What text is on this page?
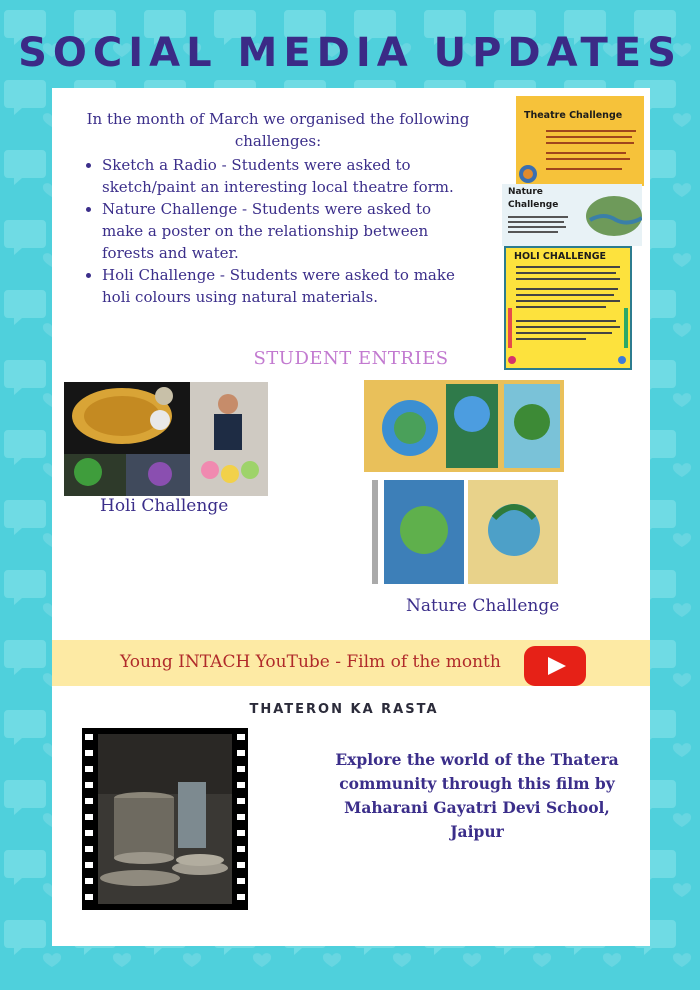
SOCIAL MEDIA UPDATES

In the month of March we organised the following challenges:

• Sketch a Radio - Students were asked to sketch/paint an interesting local theatre form.
• Nature Challenge - Students were asked to make a poster on the relationship between forests and water.
• Holi Challenge - Students were asked to make holi colours using natural materials.
Theatre Challenge
Nature Challenge
HOLI CHALLENGE
STUDENT ENTRIES
Holi Challenge
Nature Challenge
Young INTACH YouTube - Film of the month
THATERON KA RASTA
Explore the world of the Thatera community through this film by Maharani Gayatri Devi School, Jaipur
